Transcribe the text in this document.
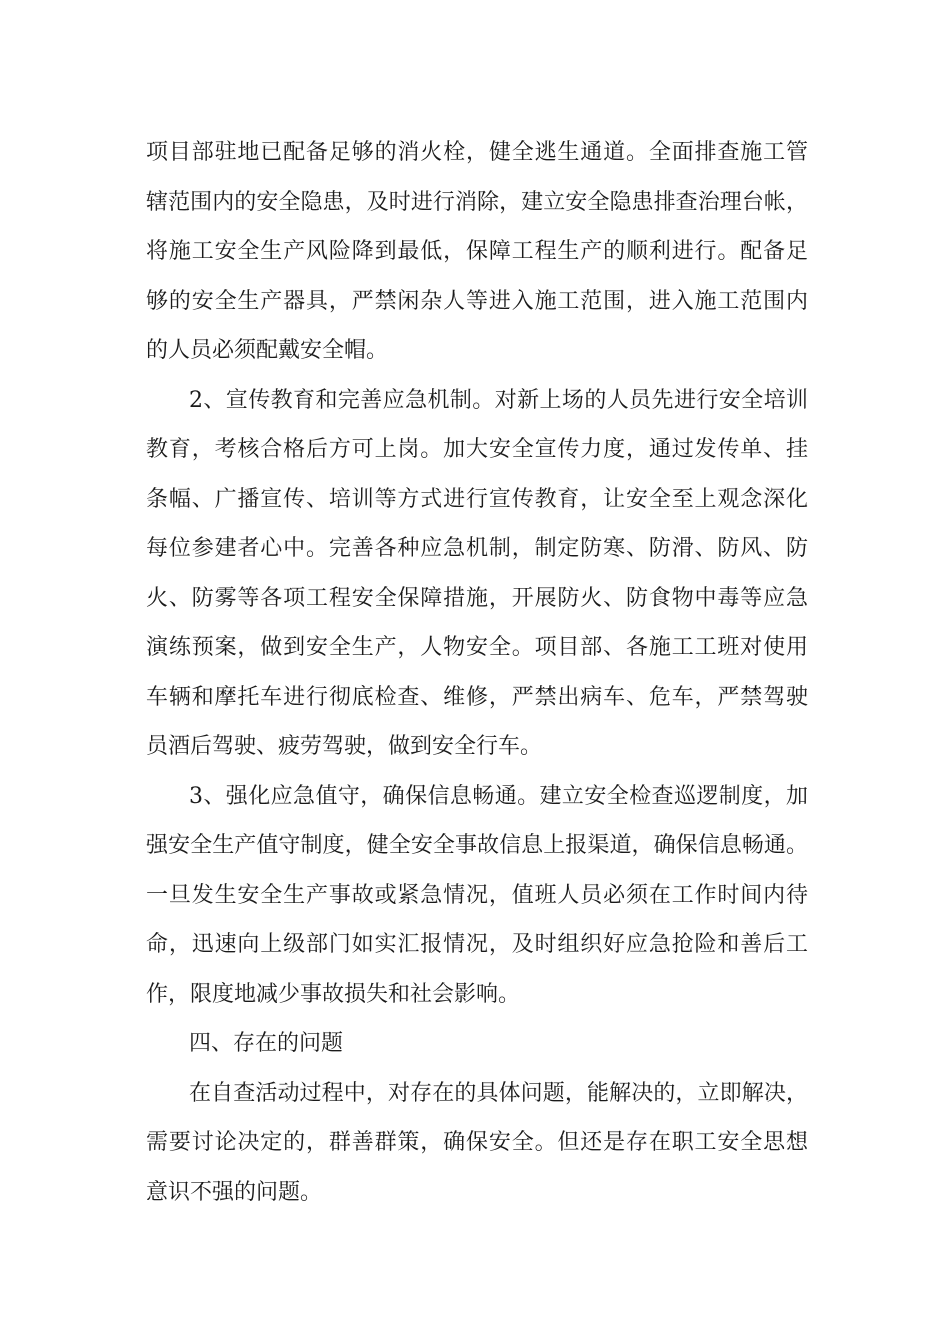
项目部驻地已配备足够的消火栓，健全逃生通道。全面排查施工管
辖范围内的安全隐患，及时进行消除，建立安全隐患排查治理台帐，
将施工安全生产风险降到最低，保障工程生产的顺利进行。配备足
够的安全生产器具，严禁闲杂人等进入施工范围，进入施工范围内
的人员必须配戴安全帽。
2、宣传教育和完善应急机制。对新上场的人员先进行安全培训
教育，考核合格后方可上岗。加大安全宣传力度，通过发传单、挂
条幅、广播宣传、培训等方式进行宣传教育，让安全至上观念深化
每位参建者心中。完善各种应急机制，制定防寒、防滑、防风、防
火、防雾等各项工程安全保障措施，开展防火、防食物中毒等应急
演练预案，做到安全生产，人物安全。项目部、各施工工班对使用
车辆和摩托车进行彻底检查、维修，严禁出病车、危车，严禁驾驶
员酒后驾驶、疲劳驾驶，做到安全行车。
3、强化应急值守，确保信息畅通。建立安全检查巡逻制度，加
强安全生产值守制度，健全安全事故信息上报渠道，确保信息畅通。
一旦发生安全生产事故或紧急情况，值班人员必须在工作时间内待
命，迅速向上级部门如实汇报情况，及时组织好应急抢险和善后工
作，限度地减少事故损失和社会影响。
四、存在的问题
在自查活动过程中，对存在的具体问题，能解决的，立即解决，
需要讨论决定的，群善群策，确保安全。但还是存在职工安全思想
意识不强的问题。
